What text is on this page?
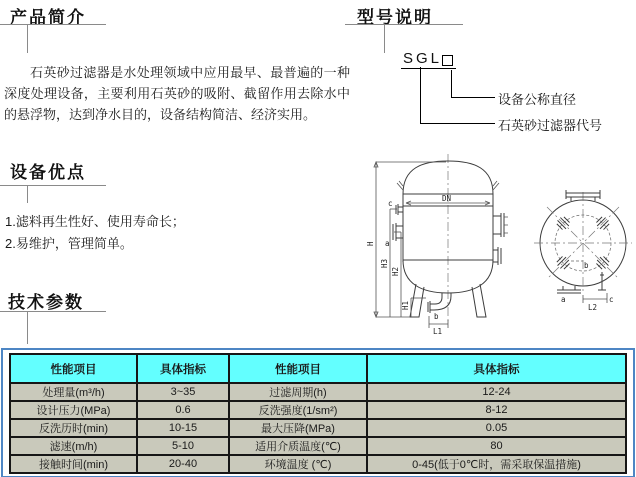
产品简介
石英砂过滤器是水处理领域中应用最早、最普遍的一种深度处理设备，主要利用石英砂的吸附、截留作用去除水中的悬浮物，达到净水目的，设备结构简洁、经济实用。
型号说明
SGL
设备公称直径
石英砂过滤器代号
设备优点
1.滤料再生性好、使用寿命长；
2.易维护，管理简单。
技术参数
DN
c
a
b
H
H3
H2
H1
L1
a	c
b
L2
性能项目	具体指标	性能项目	具体指标
处理量(m³/h)	3~35	过滤周期(h)	12-24
设计压力(MPa)	0.6	反洗强度(1/sm²)	8-12
反洗历时(min)	10-15	最大压降(MPa)	0.05
滤速(m/h)	5-10	适用介质温度(℃)	80
接触时间(min)	20-40	环境温度 (℃)	0-45(低于0℃时，需采取保温措施)
